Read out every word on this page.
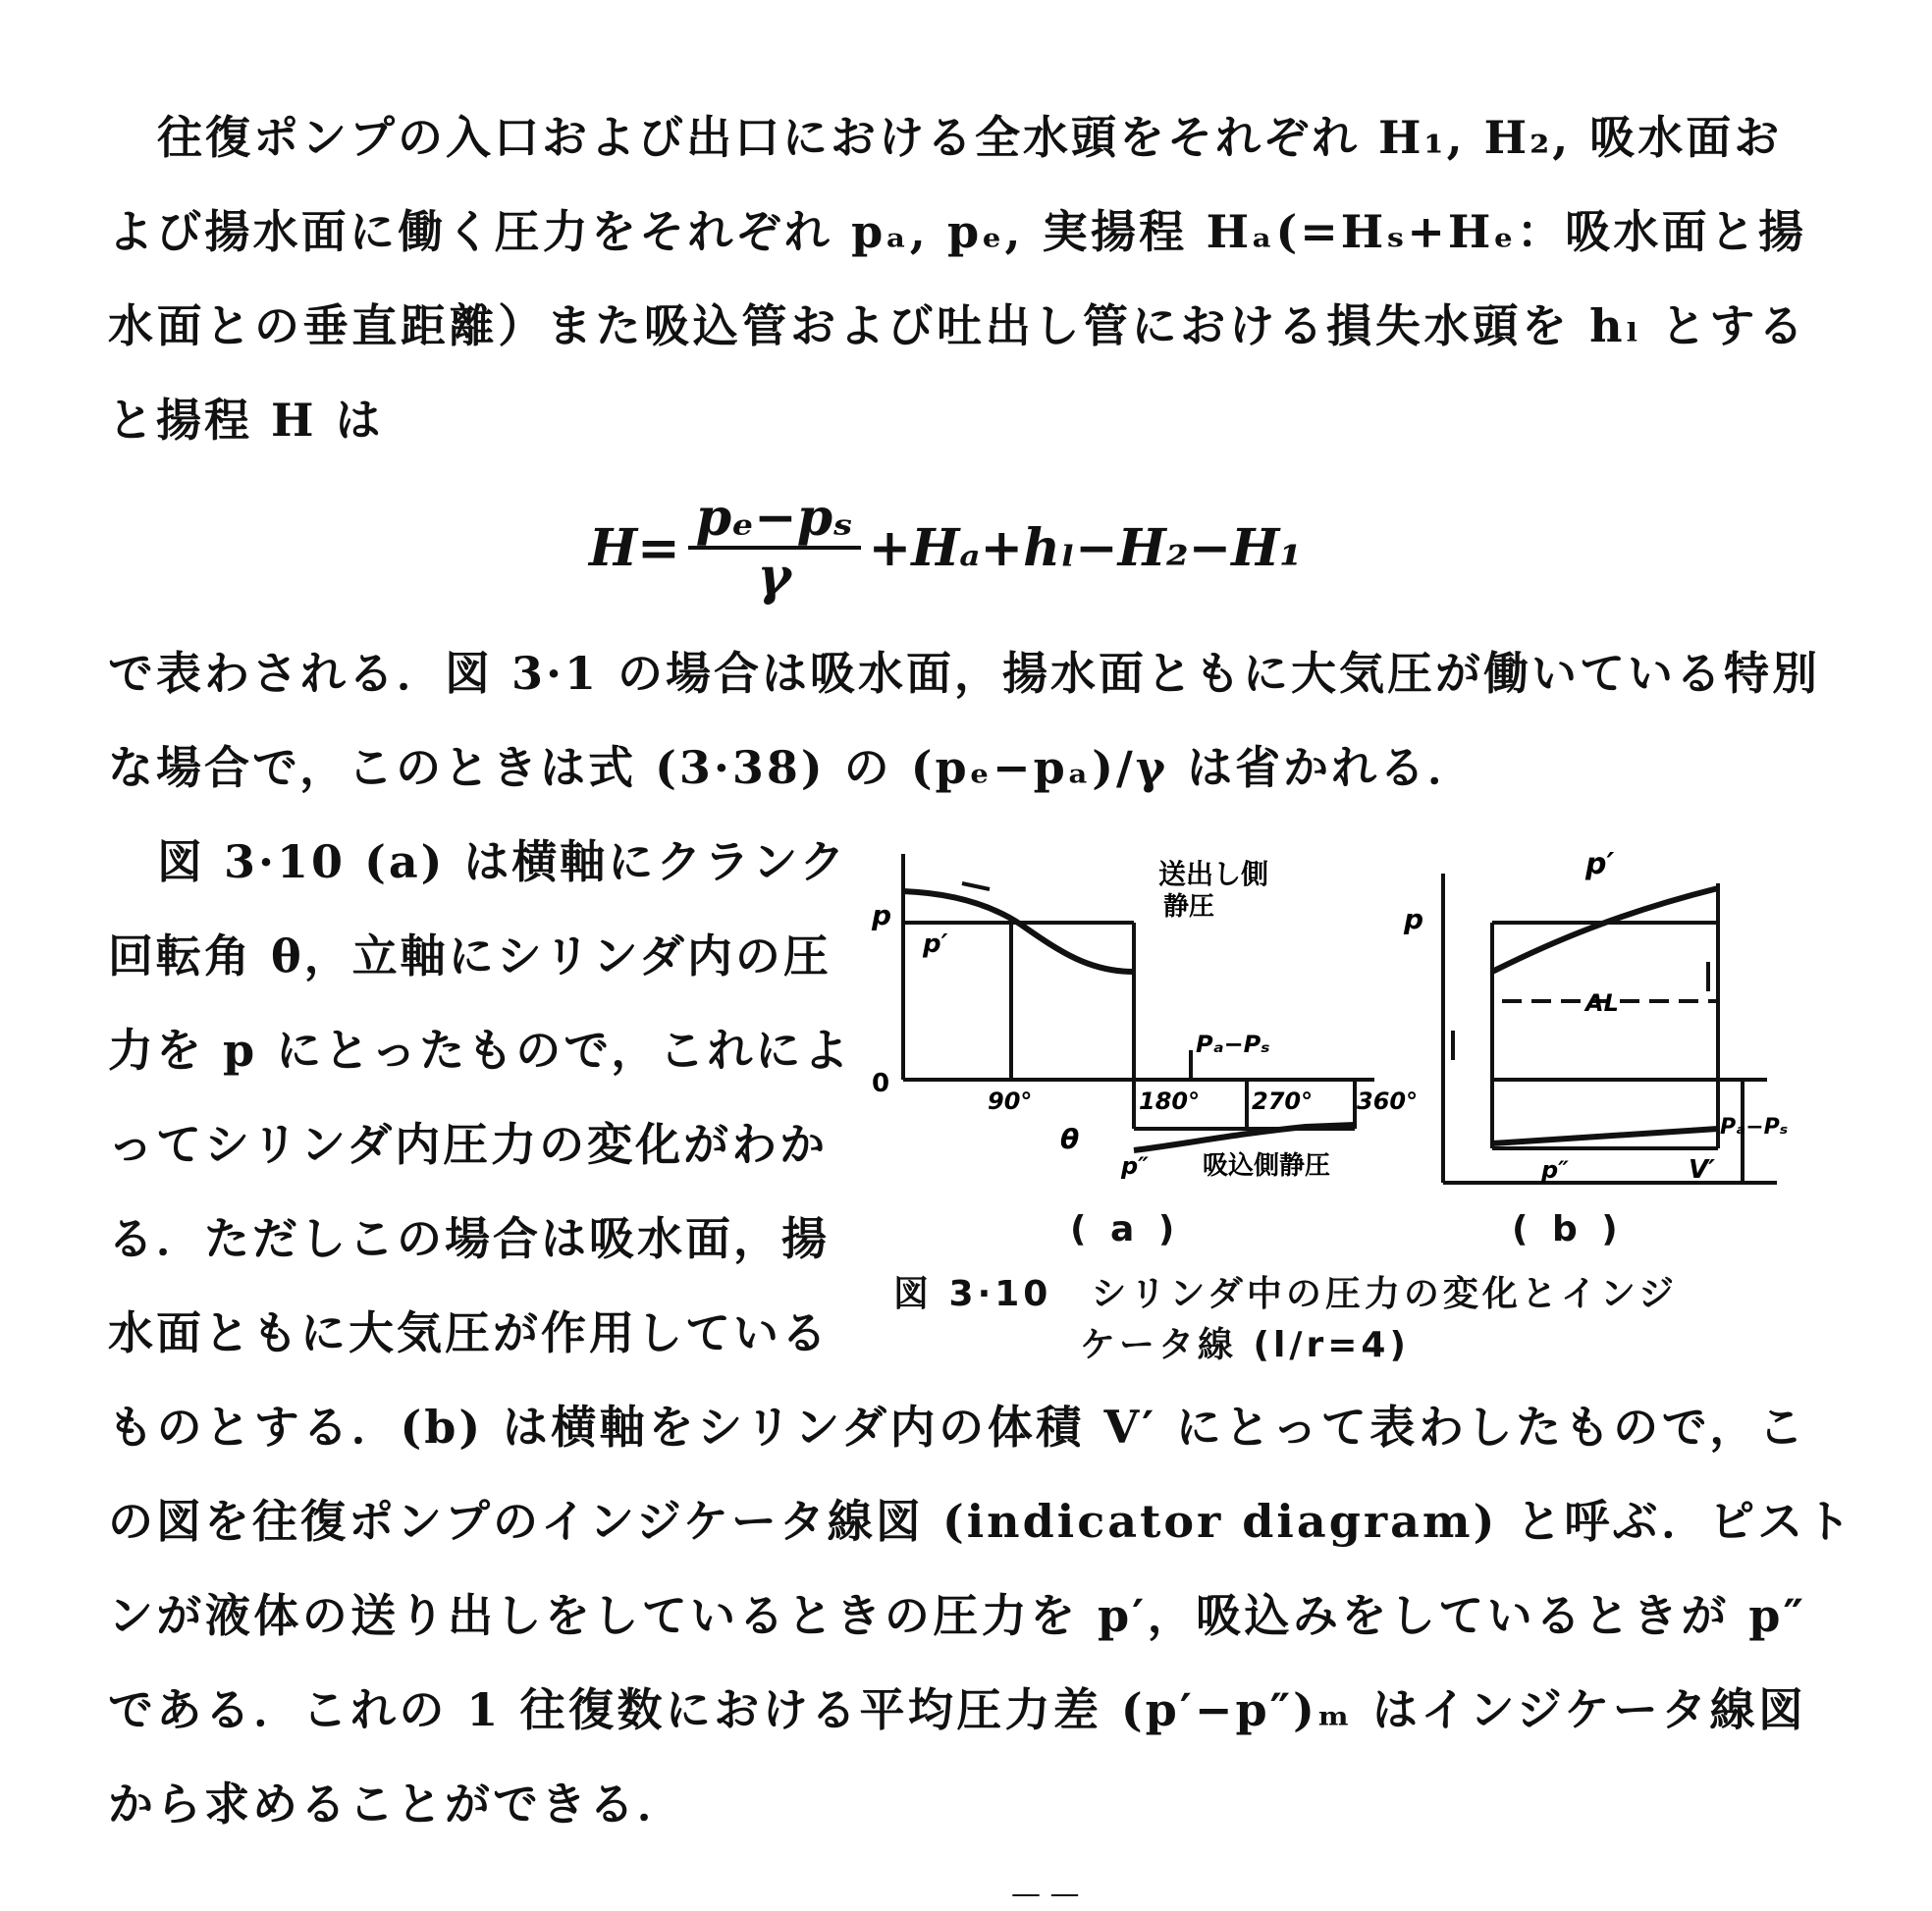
往復ポンプの入口および出口における全水頭をそれぞれ H₁, H₂, 吸水面お
よび揚水面に働く圧力をそれぞれ pₐ, pₑ, 実揚程 Hₐ(=Hₛ+Hₑ：吸水面と揚
水面との垂直距離）また吸込管および吐出し管における損失水頭を hₗ とする
と揚程 H は
$H= \frac{\text{pₑ−pₛ}}{\gamma} +H_a+h_l-H_2-H_1$
で表わされる．図 3·1 の場合は吸水面，揚水面ともに大気圧が働いている特別
な場合で，このときは式 (3·38) の (pₑ−pₐ)/γ は省かれる．
図 3·10 (a) は横軸にクランク
回転角 θ，立軸にシリンダ内の圧
力を p にとったもので，これによ
ってシリンダ内圧力の変化がわか
る．ただしこの場合は吸水面，揚
水面ともに大気圧が作用している
p
p′
0
90°	180° 270° 360°
θ
p″
送出し側
静圧
Pₐ−Pₛ
吸込側静圧
p
p′
AL
p″	V′
Pₐ−Pₛ
( a )	( b )
図 3·10　シリンダ中の圧力の変化とインジ
ケータ線 (l/r=4)
ものとする．(b) は横軸をシリンダ内の体積 V′ にとって表わしたもので，こ
の図を往復ポンプのインジケータ線図 (indicator diagram) と呼ぶ．ピスト
ンが液体の送り出しをしているときの圧力を p′，吸込みをしているときが p″
である．これの 1 往復数における平均圧力差 (p′−p″)ₘ はインジケータ線図
から求めることができる．
— —
